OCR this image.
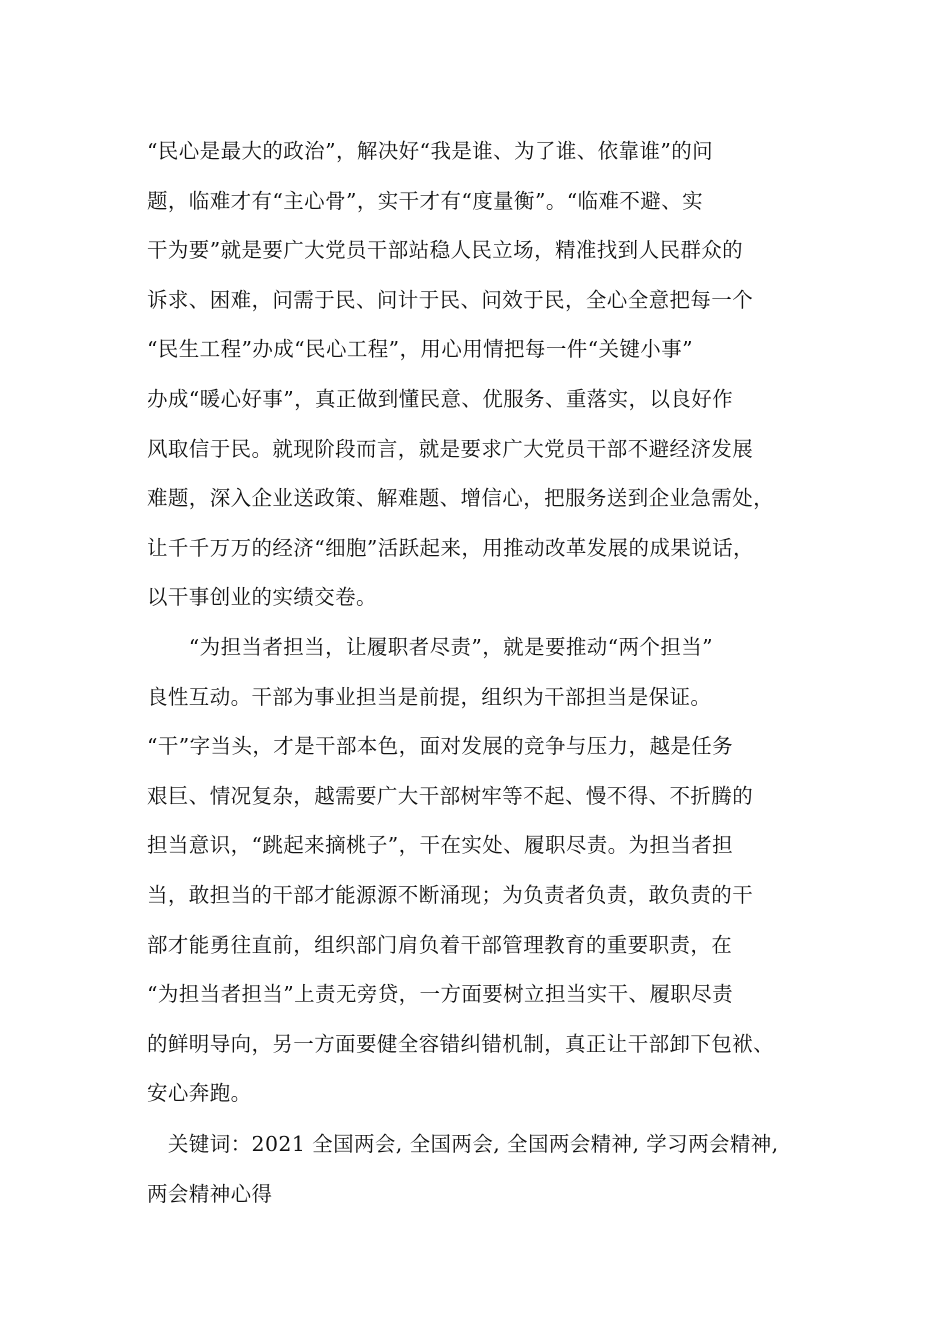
“民心是最大的政治”，解决好“我是谁、为了谁、依靠谁”的问
题，临难才有“主心骨”，实干才有“度量衡”。“临难不避、实
干为要”就是要广大党员干部站稳人民立场，精准找到人民群众的
诉求、困难，问需于民、问计于民、问效于民，全心全意把每一个
“民生工程”办成“民心工程”，用心用情把每一件“关键小事”
办成“暖心好事”，真正做到懂民意、优服务、重落实，以良好作
风取信于民。就现阶段而言，就是要求广大党员干部不避经济发展
难题，深入企业送政策、解难题、增信心，把服务送到企业急需处，
让千千万万的经济“细胞”活跃起来，用推动改革发展的成果说话，
以干事创业的实绩交卷。
　　“为担当者担当，让履职者尽责”，就是要推动“两个担当”
良性互动。干部为事业担当是前提，组织为干部担当是保证。
“干”字当头，才是干部本色，面对发展的竞争与压力，越是任务
艰巨、情况复杂，越需要广大干部树牢等不起、慢不得、不折腾的
担当意识，“跳起来摘桃子”，干在实处、履职尽责。为担当者担
当，敢担当的干部才能源源不断涌现；为负责者负责，敢负责的干
部才能勇往直前，组织部门肩负着干部管理教育的重要职责，在
“为担当者担当”上责无旁贷，一方面要树立担当实干、履职尽责
的鲜明导向，另一方面要健全容错纠错机制，真正让干部卸下包袱、
安心奔跑。
　关键词：2021 全国两会, 全国两会, 全国两会精神, 学习两会精神,
两会精神心得
